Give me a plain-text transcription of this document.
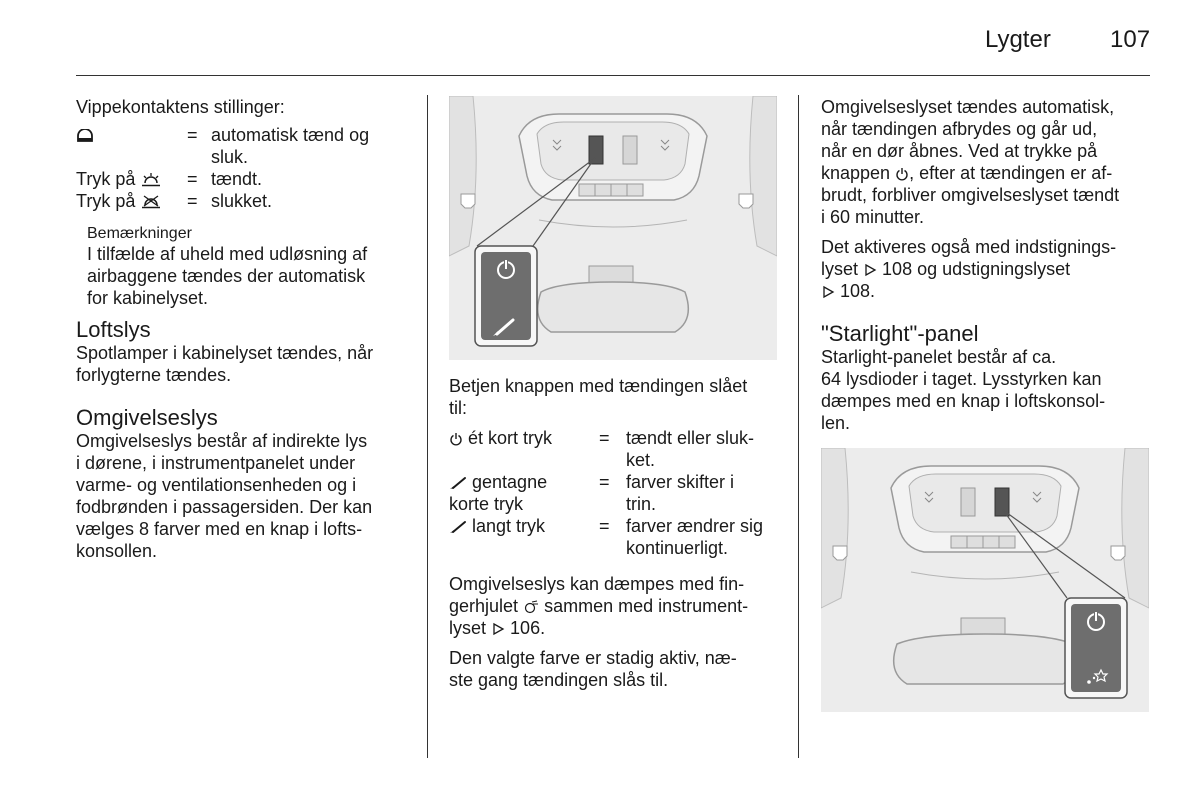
Lygter 107

Vippekontaktens stillinger:

= automatisk tænd og
sluk.
Tryk på	= tændt.
Tryk på	= slukket.
Bemærkninger
I tilfælde af uheld med udløsning af
airbaggene tændes der automatisk
for kabinelyset.
Loftslys

Spotlamper i kabinelyset tændes, når
forlygterne tændes.

Omgivelseslys

Omgivelseslys består af indirekte lys
i dørene, i instrumentpanelet under
varme- og ventilationsenheden og i
fodbrønden i passagersiden. Der kan
vælges 8 farver med en knap i lofts-
konsollen.

Betjen knappen med tændingen slået
til:

ét kort tryk	= tændt eller sluk-
ket.
gentagne
korte tryk
= farver skifter i
trin.
langt tryk	= farver ændrer sig
kontinuerligt.

Omgivelseslys kan dæmpes med fin-
gerhjulet sammen med instrument-
lyset 106.

Den valgte farve er stadig aktiv, næ-
ste gang tændingen slås til.

Omgivelseslyset tændes automatisk,
når tændingen afbrydes og går ud,
når en dør åbnes. Ved at trykke på
knappen , efter at tændingen er af-
brudt, forbliver omgivelseslyset tændt
i 60 minutter.

Det aktiveres også med indstignings-
lyset 108 og udstigningslyset
108.

"Starlight"-panel

Starlight-panelet består af ca.
64 lysdioder i taget. Lysstyrken kan
dæmpes med en knap i loftskonsol-
len.
